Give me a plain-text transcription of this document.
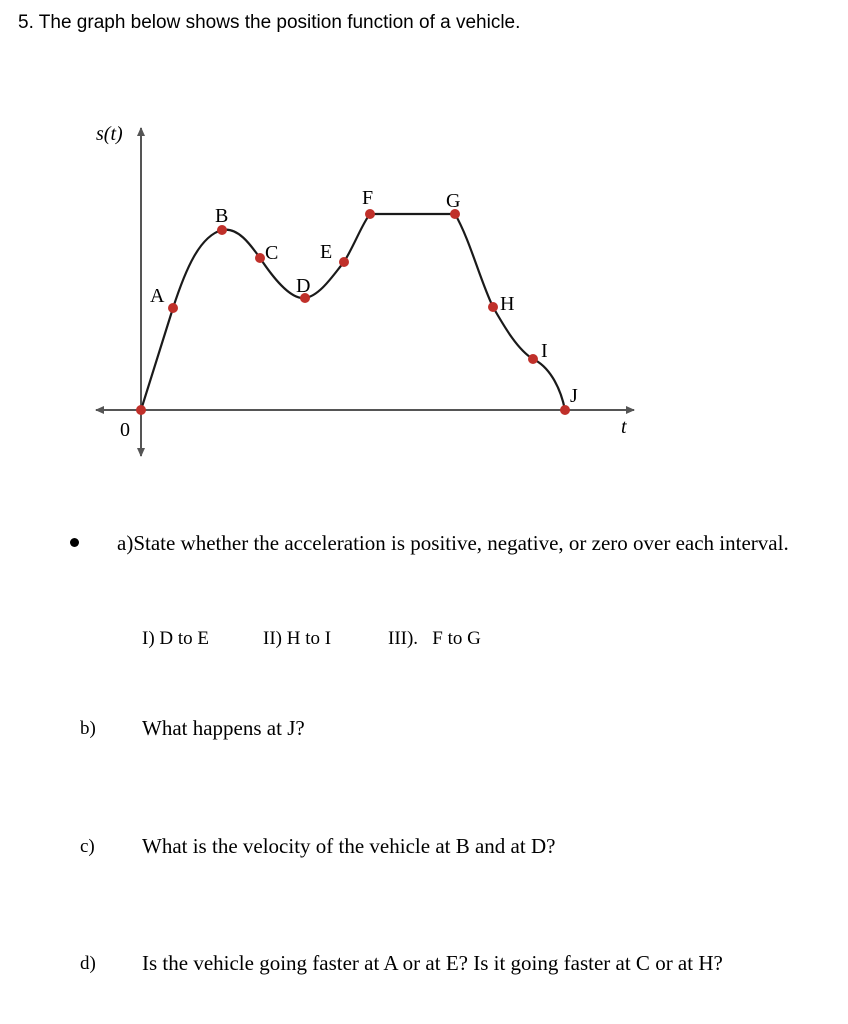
5. The graph below shows the position function of a vehicle.
s(t)
t
0
A
B
C
D
E
F	G
H
I
J
a)State whether the acceleration is positive, negative, or zero over each interval.
I) D to E	II) H to I	III).   F to G
b) What happens at J?
c) What is the velocity of the vehicle at B and at D?
d) Is the vehicle going faster at A or at E? Is it going faster at C or at H?
